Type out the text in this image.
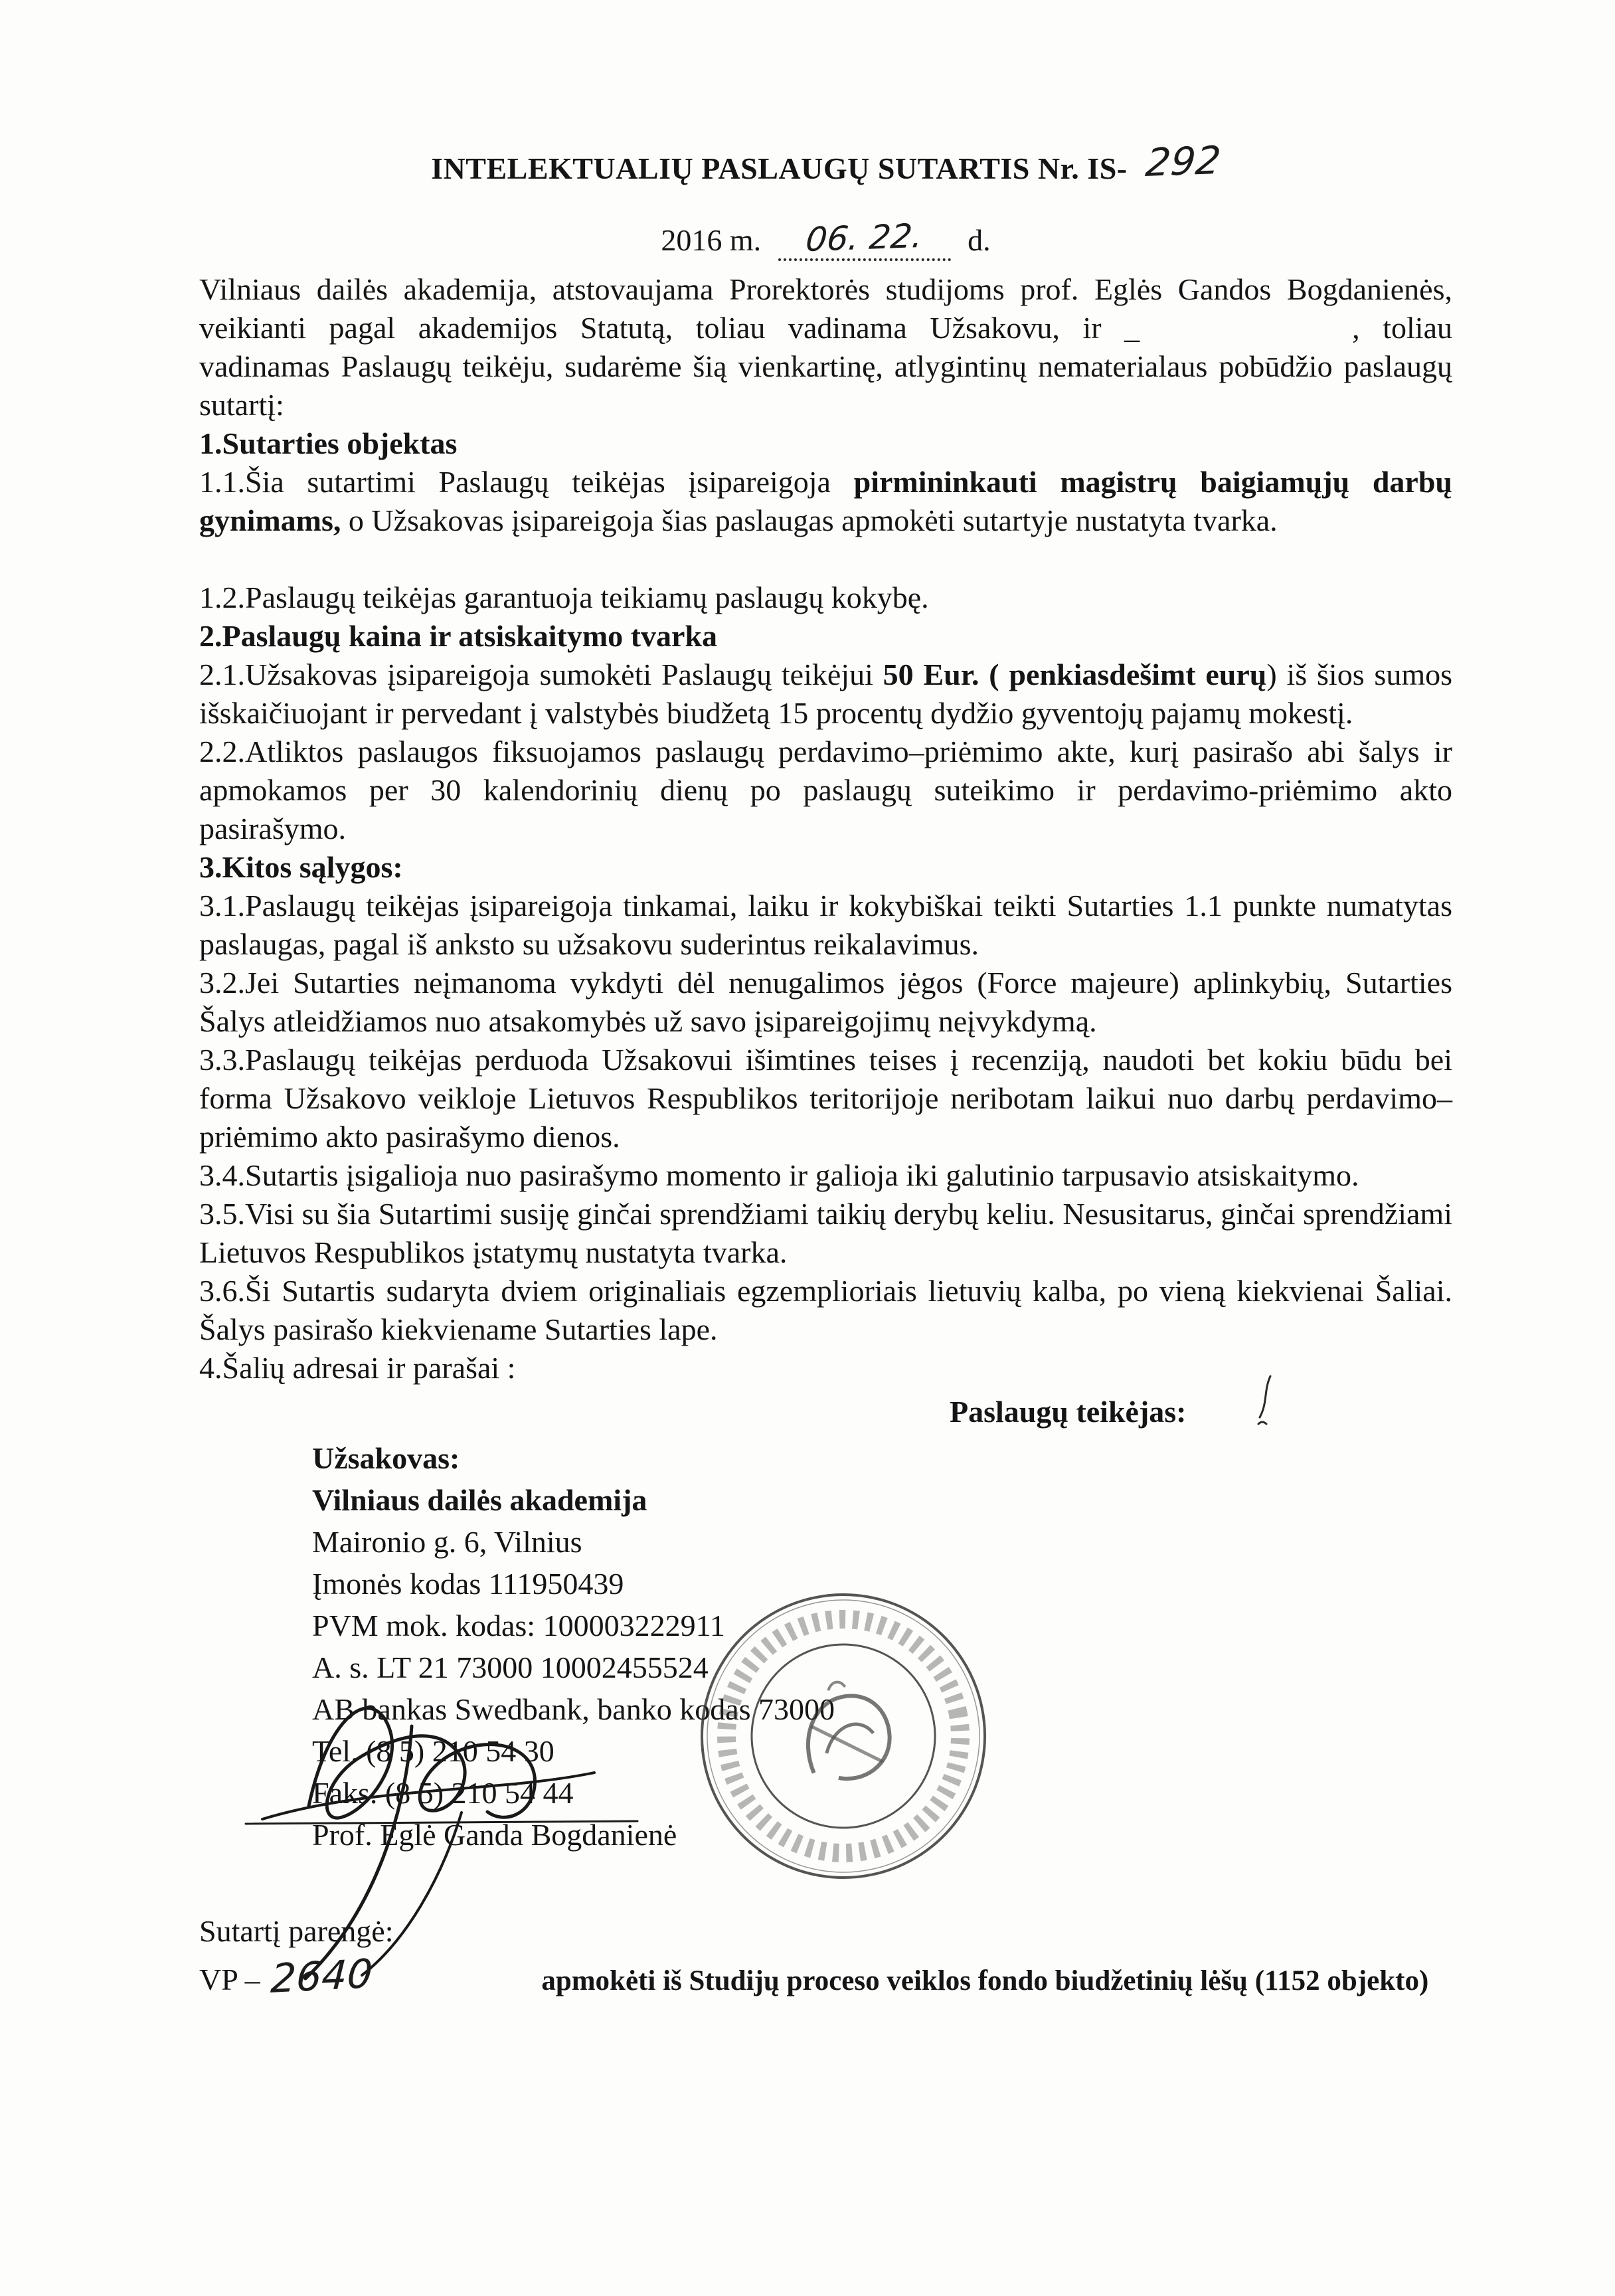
INTELEKTUALIŲ PASLAUGŲ SUTARTIS Nr. IS- 292
2016 m. 06. 22. d.

Vilniaus dailės akademija, atstovaujama Prorektorės studijoms prof. Eglės Gandos Bogdanienės, veikianti pagal akademijos Statutą, toliau vadinama Užsakovu, ir _	, toliau vadinamas Paslaugų teikėju, sudarėme šią vienkartinę, atlygintinų nematerialaus pobūdžio paslaugų sutartį:

1.Sutarties objektas

1.1.Šia sutartimi Paslaugų teikėjas įsipareigoja pirmininkauti magistrų baigiamųjų darbų gynimams, o Užsakovas įsipareigoja šias paslaugas apmokėti sutartyje nustatyta tvarka.

1.2.Paslaugų teikėjas garantuoja teikiamų paslaugų kokybę.

2.Paslaugų kaina ir atsiskaitymo tvarka

2.1.Užsakovas įsipareigoja sumokėti Paslaugų teikėjui 50 Eur. ( penkiasdešimt eurų) iš šios sumos išskaičiuojant ir pervedant į valstybės biudžetą 15 procentų dydžio gyventojų pajamų mokestį.

2.2.Atliktos paslaugos fiksuojamos paslaugų perdavimo–priėmimo akte, kurį pasirašo abi šalys ir apmokamos per 30 kalendorinių dienų po paslaugų suteikimo ir perdavimo-priėmimo akto pasirašymo.

3.Kitos sąlygos:

3.1.Paslaugų teikėjas įsipareigoja tinkamai, laiku ir kokybiškai teikti Sutarties 1.1 punkte numatytas paslaugas, pagal iš anksto su užsakovu suderintus reikalavimus.

3.2.Jei Sutarties neįmanoma vykdyti dėl nenugalimos jėgos (Force majeure) aplinkybių, Sutarties Šalys atleidžiamos nuo atsakomybės už savo įsipareigojimų neįvykdymą.

3.3.Paslaugų teikėjas perduoda Užsakovui išimtines teises į recenziją, naudoti bet kokiu būdu bei forma Užsakovo veikloje Lietuvos Respublikos teritorijoje neribotam laikui nuo darbų perdavimo–priėmimo akto pasirašymo dienos.

3.4.Sutartis įsigalioja nuo pasirašymo momento ir galioja iki galutinio tarpusavio atsiskaitymo.

3.5.Visi su šia Sutartimi susiję ginčai sprendžiami taikių derybų keliu. Nesusitarus, ginčai sprendžiami Lietuvos Respublikos įstatymų nustatyta tvarka.

3.6.Ši Sutartis sudaryta dviem originaliais egzemplioriais lietuvių kalba, po vieną kiekvienai Šaliai. Šalys pasirašo kiekviename Sutarties lape.

4.Šalių adresai ir parašai :

Paslaugų teikėjas:
Užsakovas:
Vilniaus dailės akademija
Maironio g. 6, Vilnius
Įmonės kodas 111950439
PVM mok. kodas: 100003222911
A. s. LT 21 73000 10002455524
AB bankas Swedbank, banko kodas 73000
Tel. (8 5) 210 54 30
Faks. (8 5) 210 54 44
Prof. Eglė Ganda Bogdanienė
Sutartį parengė:
VP – 2640	apmokėti iš Studijų proceso veiklos fondo biudžetinių lėšų (1152 objekto)
